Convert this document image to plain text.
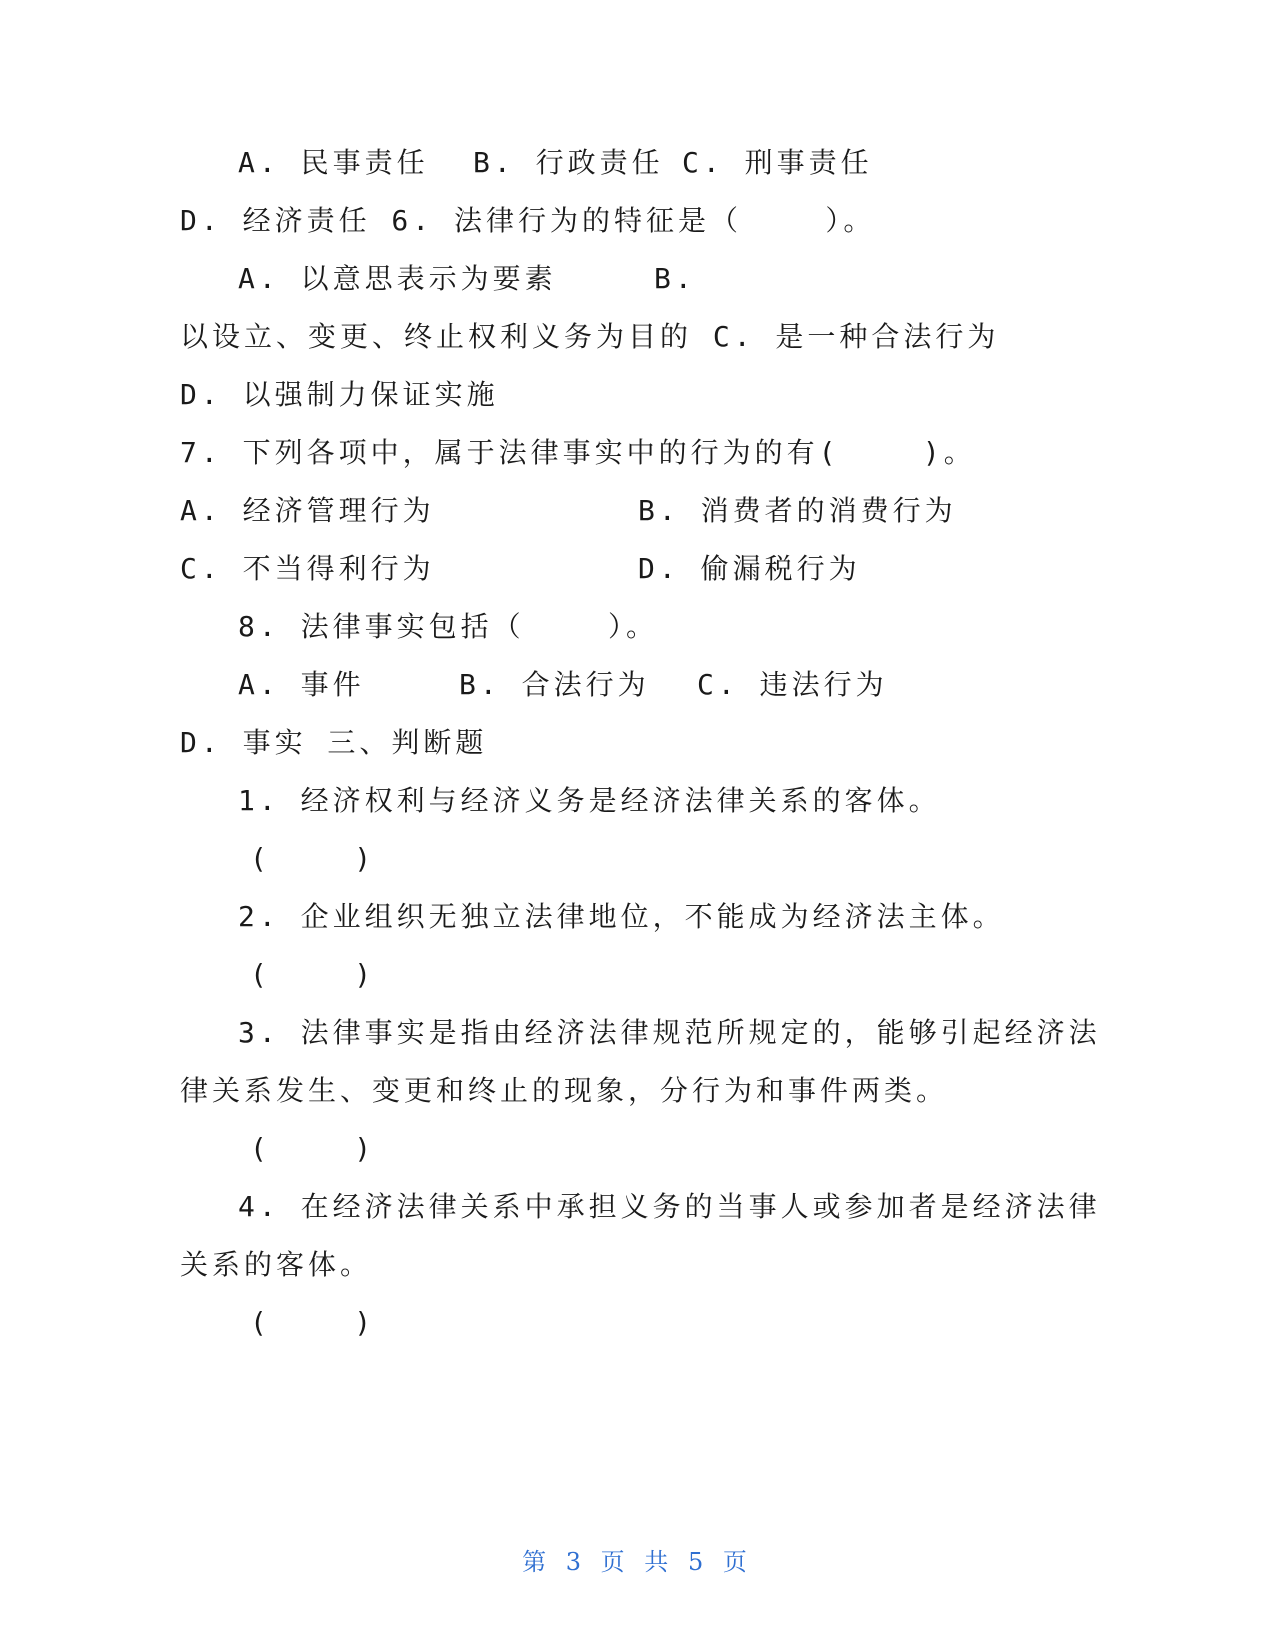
A. 民事责任 B. 行政责任 C. 刑事责任
D. 经济责任 6. 法律行为的特征是（    ）。
A. 以意思表示为要素	B.
以设立、变更、终止权利义务为目的 C. 是一种合法行为
D. 以强制力保证实施
7. 下列各项中，属于法律事实中的行为的有(    )。
A. 经济管理行为	B. 消费者的消费行为
C. 不当得利行为	D. 偷漏税行为
8. 法律事实包括（    ）。
A. 事件	B. 合法行为 C. 违法行为
D. 事实 三、判断题
1. 经济权利与经济义务是经济法律关系的客体。
(    )
2. 企业组织无独立法律地位，不能成为经济法主体。
(    )
3. 法律事实是指由经济法律规范所规定的，能够引起经济法
律关系发生、变更和终止的现象，分行为和事件两类。
(    )
4. 在经济法律关系中承担义务的当事人或参加者是经济法律
关系的客体。
(    )
第 3 页 共 5 页
